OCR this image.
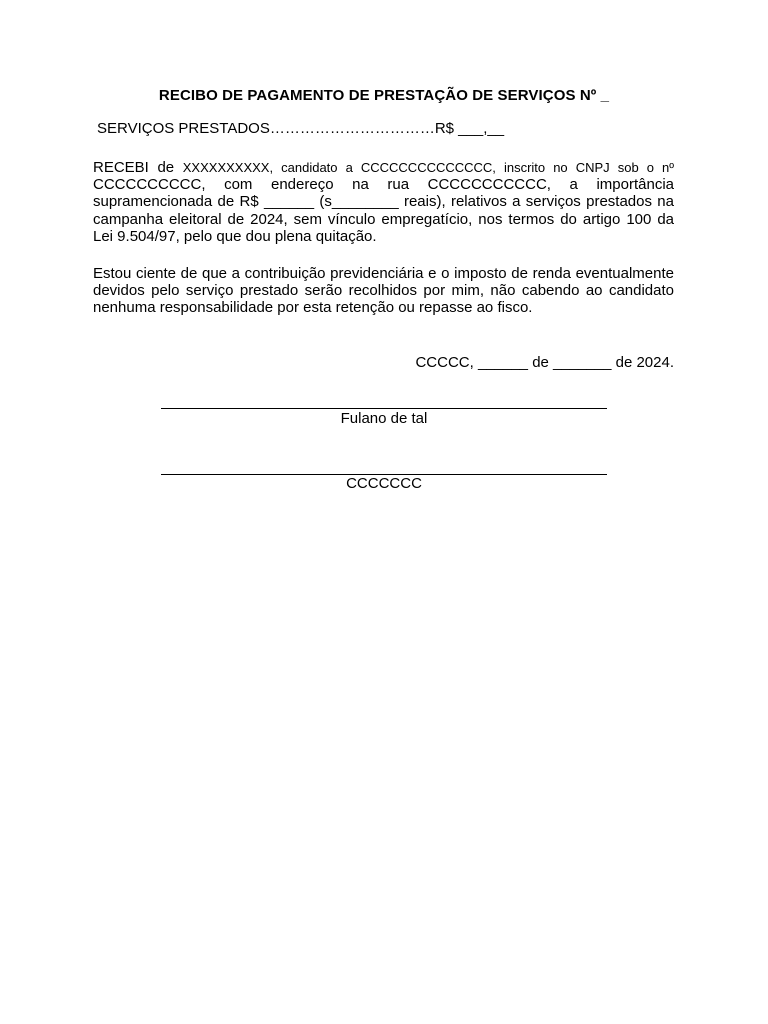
RECIBO DE PAGAMENTO DE PRESTAÇÃO DE SERVIÇOS Nº _
SERVIÇOS PRESTADOS……………………………R$ ___,__
RECEBI de XXXXXXXXXX, candidato a CCCCCCCCCCCCCC, inscrito no CNPJ sob o nº CCCCCCCCCC, com endereço na rua CCCCCCCCCCC, a importância supramencionada de R$ ______ (s________ reais), relativos a serviços prestados na campanha eleitoral de 2024, sem vínculo empregatício, nos termos do artigo 100 da Lei 9.504/97, pelo que dou plena quitação.
Estou ciente de que a contribuição previdenciária e o imposto de renda eventualmente devidos pelo serviço prestado serão recolhidos por mim, não cabendo ao candidato nenhuma responsabilidade por esta retenção ou repasse ao fisco.
CCCCC, ______ de _______ de 2024.
Fulano de tal
CCCCCCC
